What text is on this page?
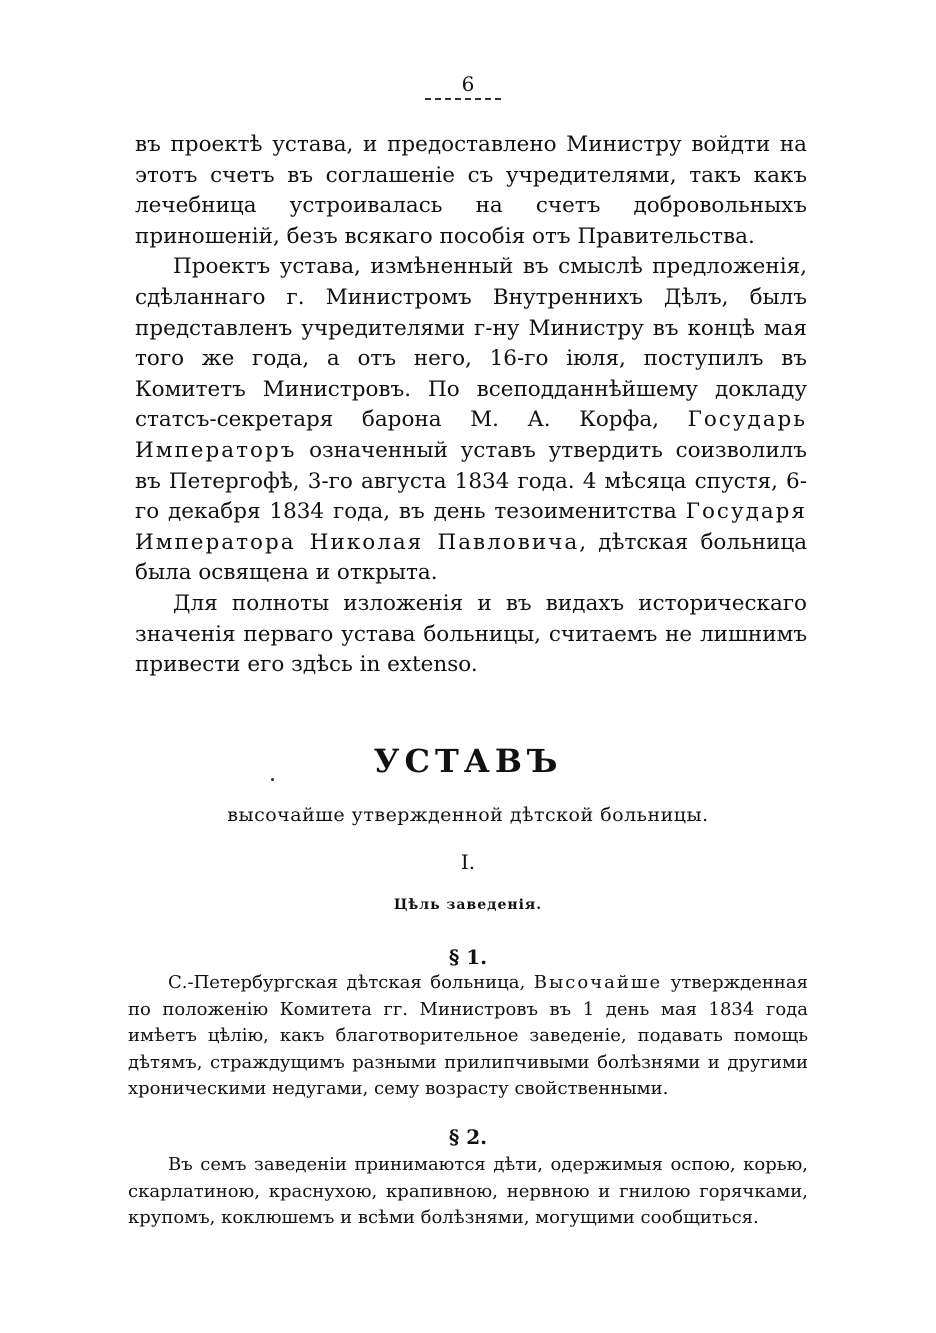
6

въ проектѣ устава, и предоставлено Министру войдти на этотъ счетъ въ соглашеніе съ учредителями, такъ какъ лечебница устроивалась на счетъ добровольныхъ приношеній, безъ всякаго пособія отъ Правительства.

Проектъ устава, измѣненный въ смыслѣ предложенія, сдѣланнаго г. Министромъ Внутреннихъ Дѣлъ, былъ представленъ учредителями г-ну Министру въ концѣ мая того же года, а отъ него, 16-го іюля, поступилъ въ Комитетъ Министровъ. По всеподданнѣйшему докладу статсъ-секретаря барона М. А. Корфа, Государь Императоръ означенный уставъ утвердить соизволилъ въ Петергофѣ, 3-го августа 1834 года. 4 мѣсяца спустя, 6-го декабря 1834 года, въ день тезоименитства Государя Императора Николая Павловича, дѣтская больница была освящена и открыта.

Для полноты изложенія и въ видахъ историческаго значенія перваго устава больницы, считаемъ не лишнимъ привести его здѣсь in extenso.

УСТАВЪ
высочайше утвержденной дѣтской больницы.
I.
Цѣль заведенія.
§ 1.

С.-Петербургская дѣтская больница, Высочайше утвержденная по положенію Комитета гг. Министровъ въ 1 день мая 1834 года имѣетъ цѣлію, какъ благотворительное заведеніе, подавать помощь дѣтямъ, страждущимъ разными прилипчивыми болѣзнями и другими хроническими недугами, сему возрасту свойственными.

§ 2.

Въ семъ заведеніи принимаются дѣти, одержимыя оспою, корью, скарлатиною, краснухою, крапивною, нервною и гнилою горячками, крупомъ, коклюшемъ и всѣми болѣзнями, могущими сообщиться.
